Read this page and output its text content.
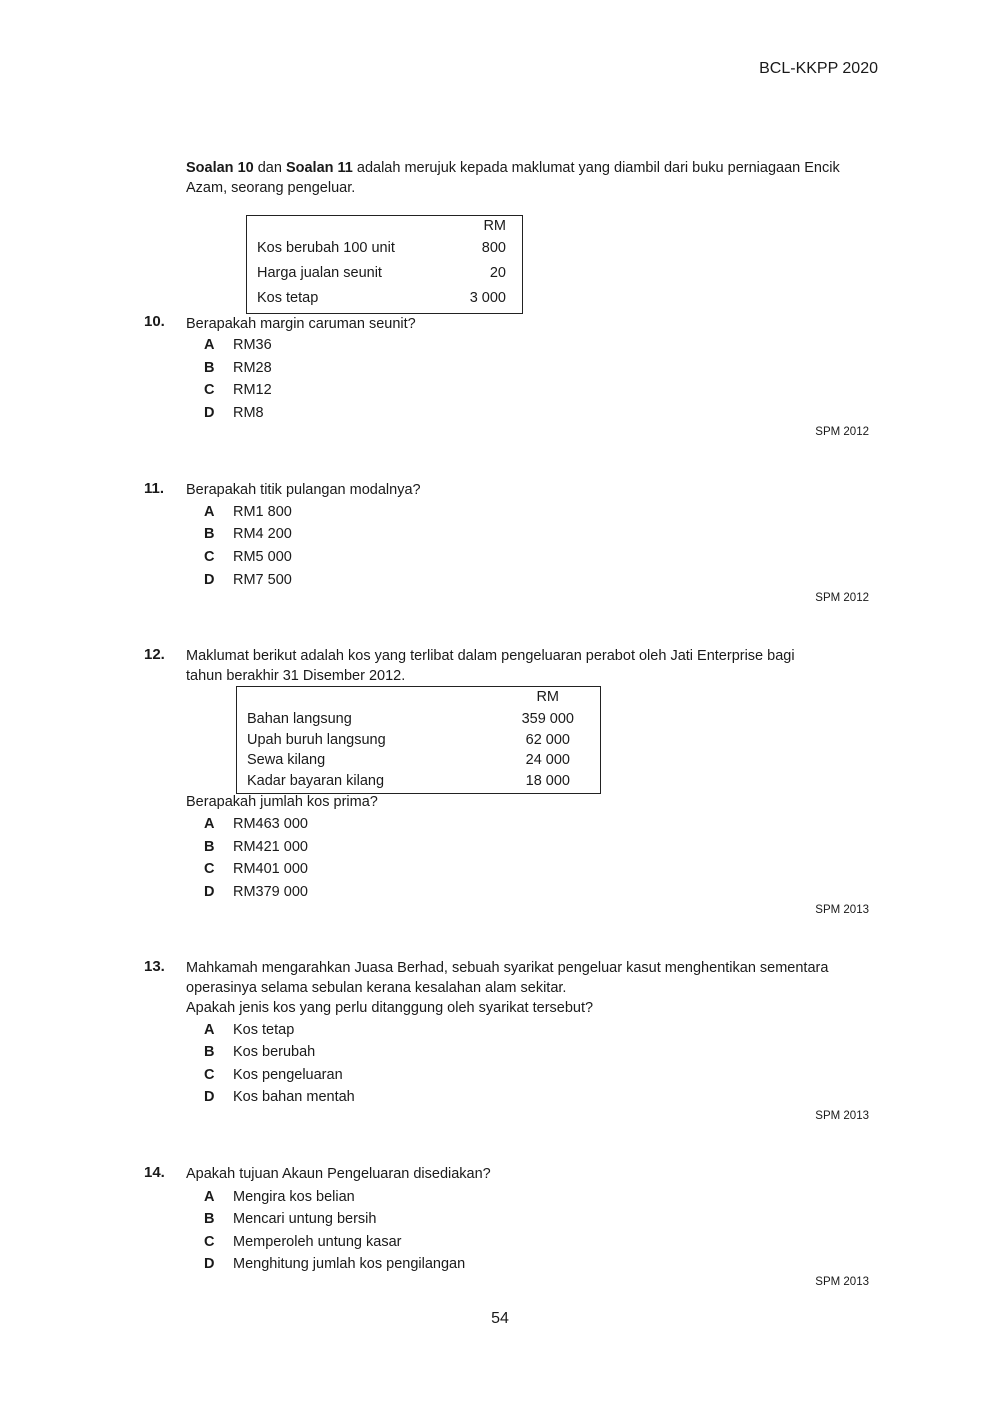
BCL-KKPP 2020
Soalan 10 dan Soalan 11 adalah merujuk kepada maklumat yang diambil dari buku perniagaan Encik Azam, seorang pengeluar.
RM
Kos berubah 100 unit	800
Harga jualan seunit	20
Kos tetap	3 000
10. Berapakah margin caruman seunit?
A RM36
B RM28
C RM12
D RM8
SPM 2012
11. Berapakah titik pulangan modalnya?
A RM1 800
B RM4 200
C RM5 000
D RM7 500
SPM 2012
12. Maklumat berikut adalah kos yang terlibat dalam pengeluaran perabot oleh Jati Enterprise bagi
tahun berakhir 31 Disember 2012.
RM
Bahan langsung	359 000
Upah buruh langsung	62 000
Sewa kilang	24 000
Kadar bayaran kilang	18 000
Berapakah jumlah kos prima?
A RM463 000
B RM421 000
C RM401 000
D RM379 000
SPM 2013
13. Mahkamah mengarahkan Juasa Berhad, sebuah syarikat pengeluar kasut menghentikan sementara
operasinya selama sebulan kerana kesalahan alam sekitar.
Apakah jenis kos yang perlu ditanggung oleh syarikat tersebut?
A Kos tetap
B Kos berubah
C Kos pengeluaran
D Kos bahan mentah
SPM 2013
14. Apakah tujuan Akaun Pengeluaran disediakan?
A Mengira kos belian
B Mencari untung bersih
C Memperoleh untung kasar
D Menghitung jumlah kos pengilangan
SPM 2013
54
